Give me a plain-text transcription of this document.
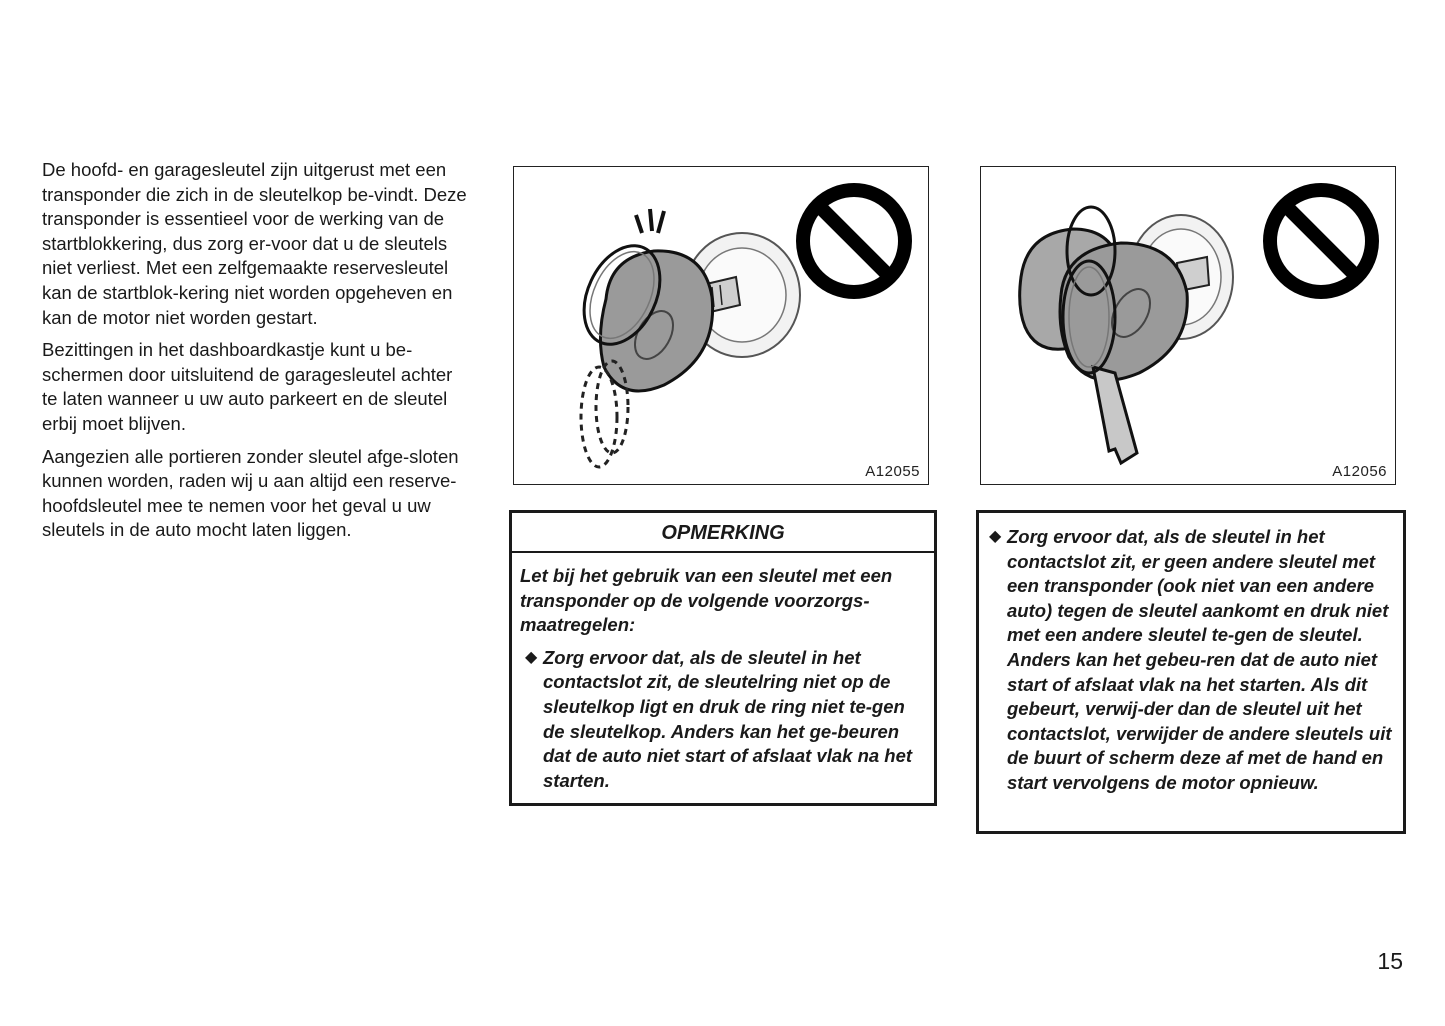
De hoofd- en garagesleutel zijn uitgerust met een transponder die zich in de sleutelkop be-vindt. Deze transponder is essentieel voor de werking van de startblokkering, dus zorg er-voor dat u de sleutels niet verliest. Met een zelfgemaakte reservesleutel kan de startblok-kering niet worden opgeheven en kan de motor niet worden gestart.

Bezittingen in het dashboardkastje kunt u be-schermen door uitsluitend de garagesleutel achter te laten wanneer u uw auto parkeert en de sleutel erbij moet blijven.

Aangezien alle portieren zonder sleutel afge-sloten kunnen worden, raden wij u aan altijd een reserve-hoofdsleutel mee te nemen voor het geval u uw sleutels in de auto mocht laten liggen.

A12055	A12056
OPMERKING

Let bij het gebruik van een sleutel met een transponder op de volgende voorzorgs-maatregelen:

◆ Zorg ervoor dat, als de sleutel in het contactslot zit, de sleutelring niet op de sleutelkop ligt en druk de ring niet te-gen de sleutelkop. Anders kan het ge-beuren dat de auto niet start of afslaat vlak na het starten.
◆ Zorg ervoor dat, als de sleutel in het contactslot zit, er geen andere sleutel met een transponder (ook niet van een andere auto) tegen de sleutel aankomt en druk niet met een andere sleutel te-gen de sleutel. Anders kan het gebeu-ren dat de auto niet start of afslaat vlak na het starten. Als dit gebeurt, verwij-der dan de sleutel uit het contactslot, verwijder de andere sleutels uit de buurt of scherm deze af met de hand en start vervolgens de motor opnieuw.
15
